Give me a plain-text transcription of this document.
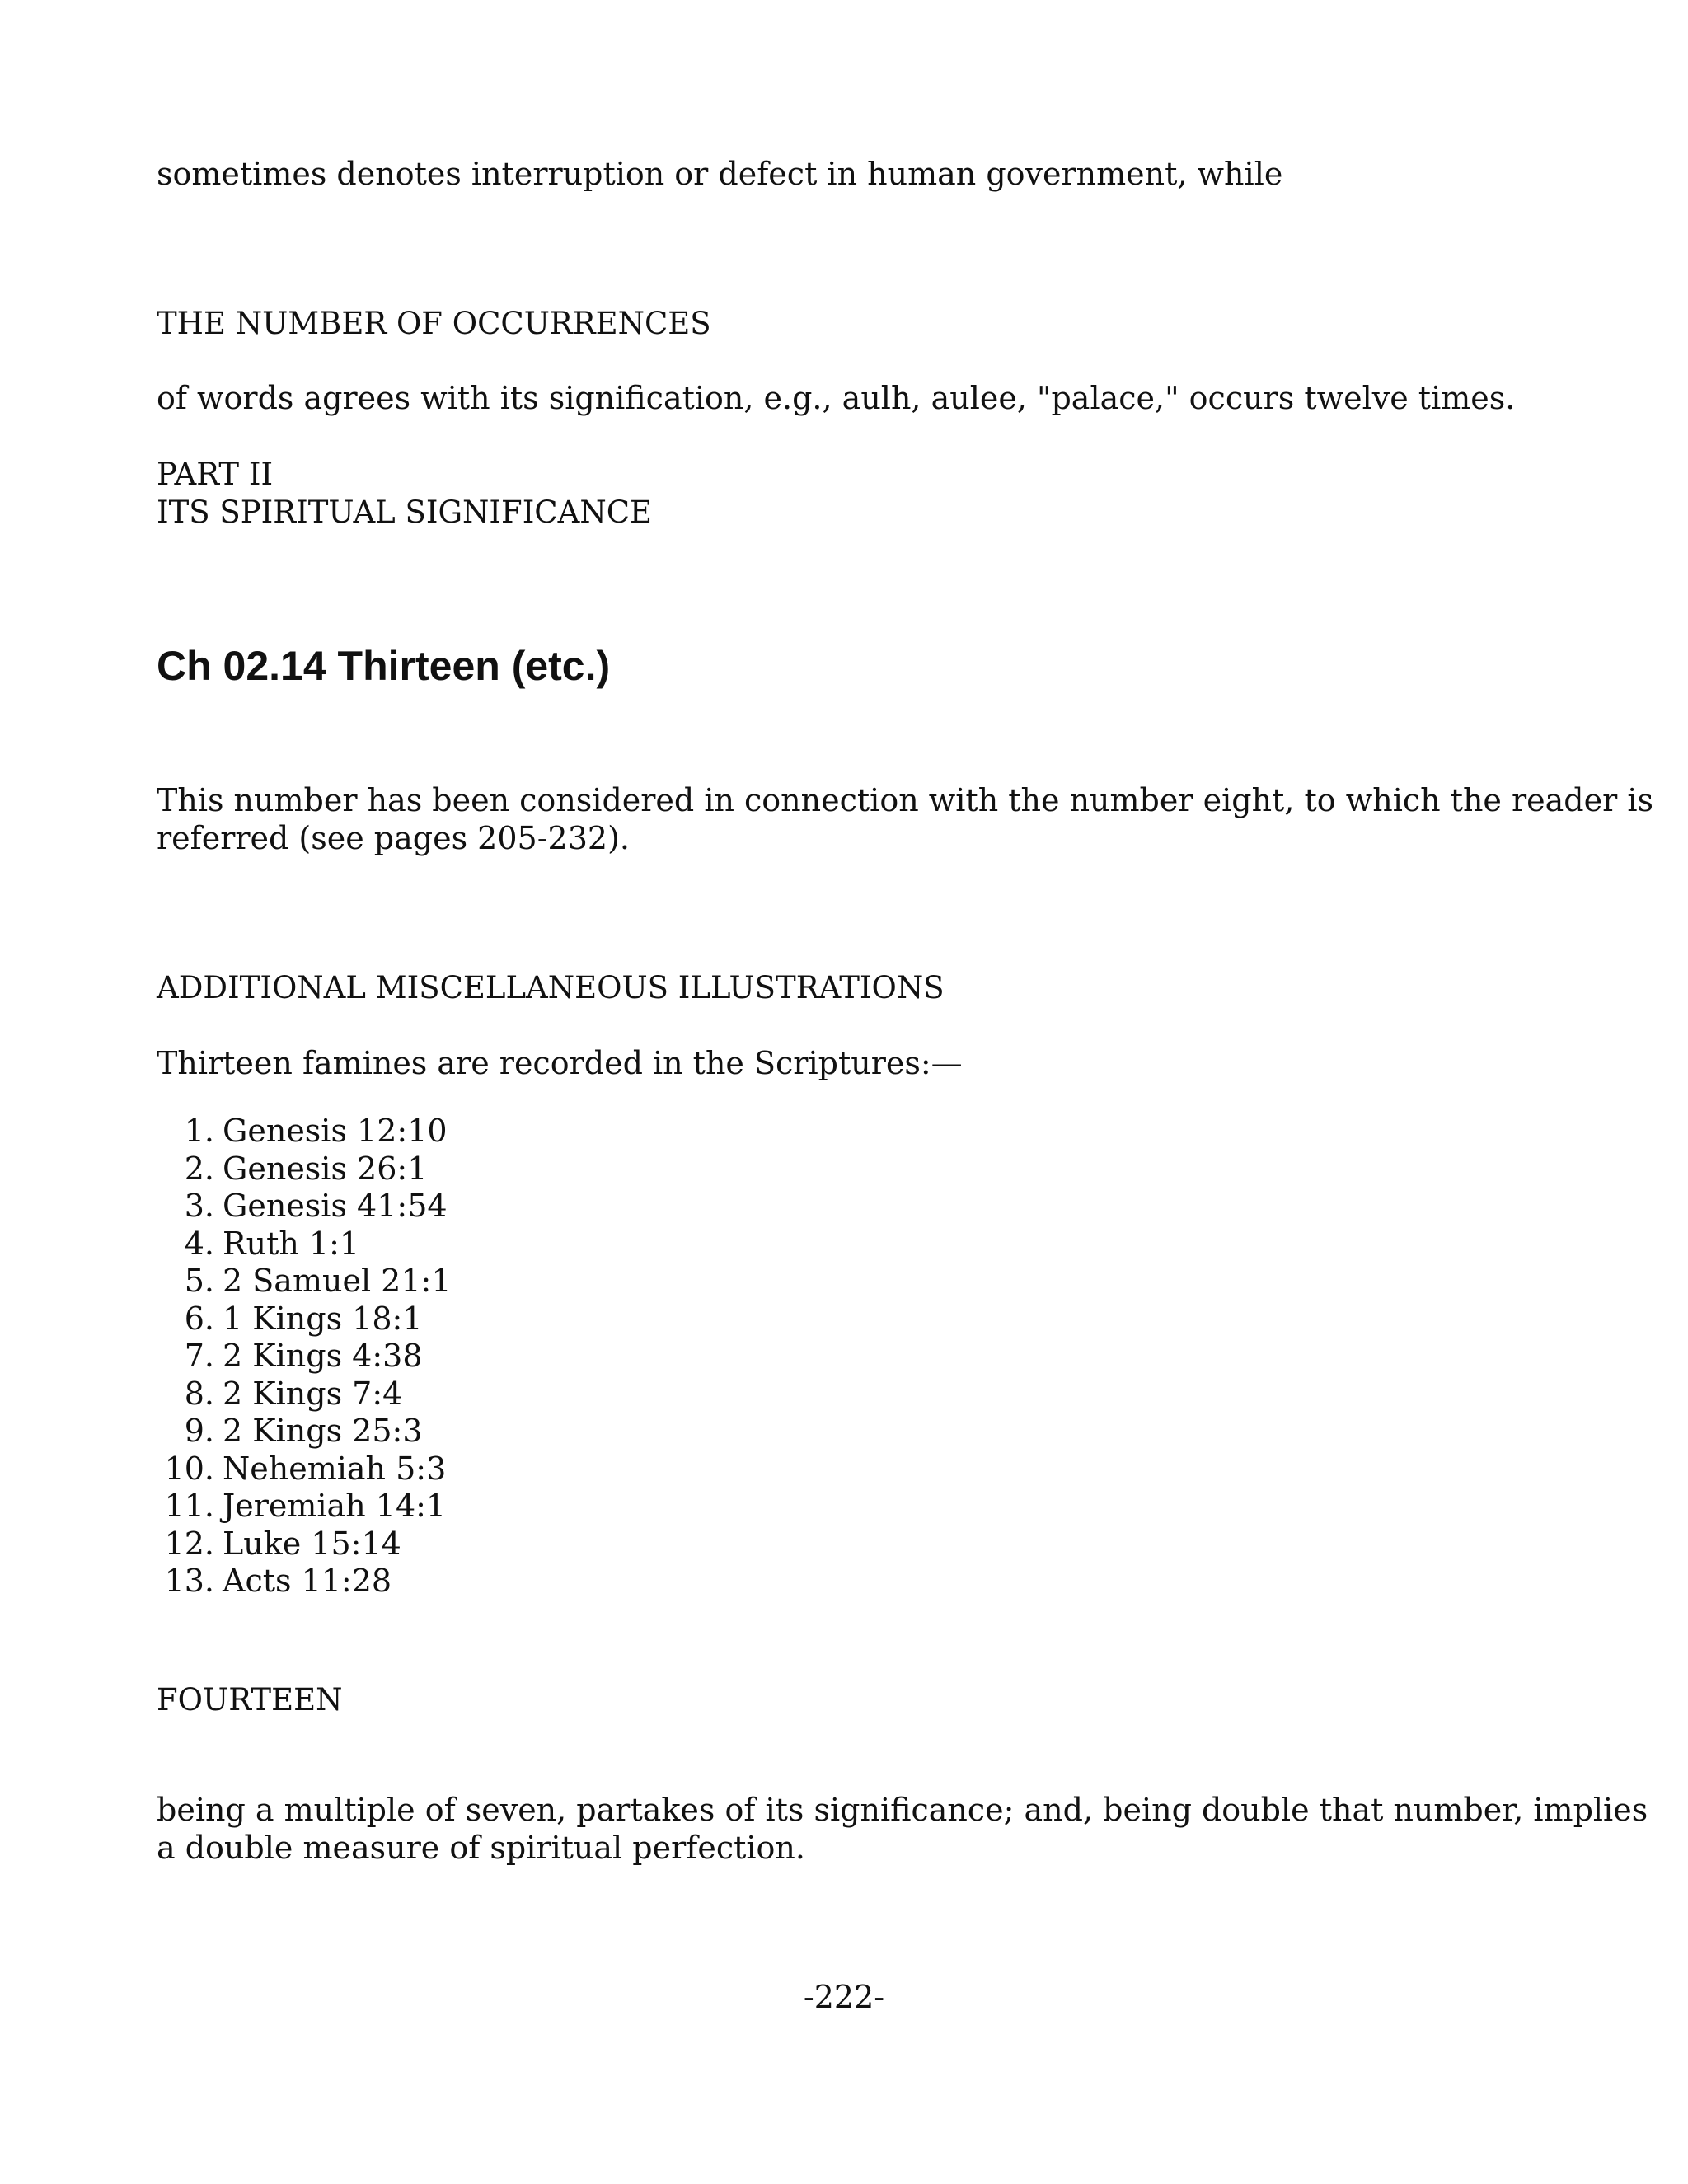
sometimes denotes interruption or defect in human government, while

THE NUMBER OF OCCURRENCES

of words agrees with its signification, e.g., aulh, aulee, "palace," occurs twelve times.

PART II

ITS SPIRITUAL SIGNIFICANCE

Ch 02.14 Thirteen (etc.)

This number has been considered in connection with the number eight, to which the reader is

referred (see pages 205-232).

ADDITIONAL MISCELLANEOUS ILLUSTRATIONS

Thirteen famines are recorded in the Scriptures:—

1. Genesis 12:10
2. Genesis 26:1
3. Genesis 41:54
4. Ruth 1:1
5. 2 Samuel 21:1
6. 1 Kings 18:1
7. 2 Kings 4:38
8. 2 Kings 7:4
9. 2 Kings 25:3
10. Nehemiah 5:3
11. Jeremiah 14:1
12. Luke 15:14
13. Acts 11:28

FOURTEEN

being a multiple of seven, partakes of its significance; and, being double that number, implies

a double measure of spiritual perfection.

-222-
